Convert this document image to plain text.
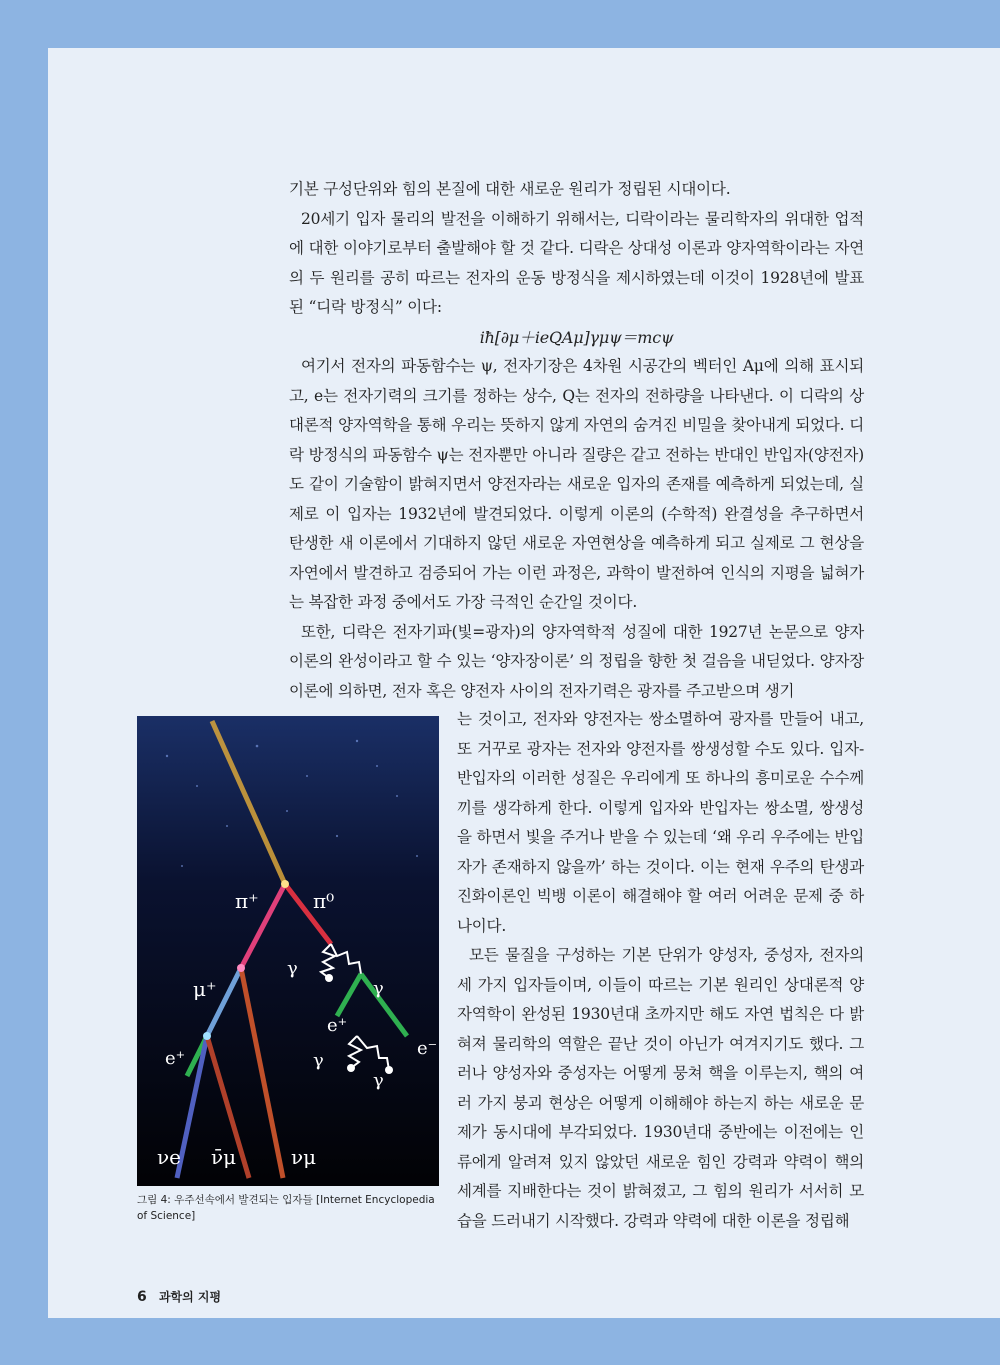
기본 구성단위와 힘의 본질에 대한 새로운 원리가 정립된 시대이다.

20세기 입자 물리의 발전을 이해하기 위해서는, 디락이라는 물리학자의 위대한 업적에 대한 이야기로부터 출발해야 할 것 같다. 디락은 상대성 이론과 양자역학이라는 자연의 두 원리를 공히 따르는 전자의 운동 방정식을 제시하였는데 이것이 1928년에 발표된 “디락 방정식” 이다:

iħ[∂μ＋ieQAμ]γμψ＝mcψ

여기서 전자의 파동함수는 ψ, 전자기장은 4차원 시공간의 벡터인 Aμ에 의해 표시되고, e는 전자기력의 크기를 정하는 상수, Q는 전자의 전하량을 나타낸다. 이 디락의 상대론적 양자역학을 통해 우리는 뜻하지 않게 자연의 숨겨진 비밀을 찾아내게 되었다. 디락 방정식의 파동함수 ψ는 전자뿐만 아니라 질량은 같고 전하는 반대인 반입자(양전자)도 같이 기술함이 밝혀지면서 양전자라는 새로운 입자의 존재를 예측하게 되었는데, 실제로 이 입자는 1932년에 발견되었다. 이렇게 이론의 (수학적) 완결성을 추구하면서 탄생한 새 이론에서 기대하지 않던 새로운 자연현상을 예측하게 되고 실제로 그 현상을 자연에서 발견하고 검증되어 가는 이런 과정은, 과학이 발전하여 인식의 지평을 넓혀가는 복잡한 과정 중에서도 가장 극적인 순간일 것이다.

또한, 디락은 전자기파(빛=광자)의 양자역학적 성질에 대한 1927년 논문으로 양자이론의 완성이라고 할 수 있는 ‘양자장이론’ 의 정립을 향한 첫 걸음을 내딛었다. 양자장이론에 의하면, 전자 혹은 양전자 사이의 전자기력은 광자를 주고받으며 생기

는 것이고, 전자와 양전자는 쌍소멸하여 광자를 만들어 내고, 또 거꾸로 광자는 전자와 양전자를 쌍생성할 수도 있다. 입자-반입자의 이러한 성질은 우리에게 또 하나의 흥미로운 수수께끼를 생각하게 한다. 이렇게 입자와 반입자는 쌍소멸, 쌍생성을 하면서 빛을 주거나 받을 수 있는데 ‘왜 우리 우주에는 반입자가 존재하지 않을까’ 하는 것이다. 이는 현재 우주의 탄생과 진화이론인 빅뱅 이론이 해결해야 할 여러 어려운 문제 중 하나이다.

모든 물질을 구성하는 기본 단위가 양성자, 중성자, 전자의 세 가지 입자들이며, 이들이 따르는 기본 원리인 상대론적 양자역학이 완성된 1930년대 초까지만 해도 자연 법칙은 다 밝혀져 물리학의 역할은 끝난 것이 아닌가 여겨지기도 했다. 그러나 양성자와 중성자는 어떻게 뭉쳐 핵을 이루는지, 핵의 여러 가지 붕괴 현상은 어떻게 이해해야 하는지 하는 새로운 문제가 동시대에 부각되었다. 1930년대 중반에는 이전에는 인류에게 알려져 있지 않았던 새로운 힘인 강력과 약력이 핵의 세계를 지배한다는 것이 밝혀졌고, 그 힘의 원리가 서서히 모습을 드러내기 시작했다. 강력과 약력에 대한 이론을 정립해

π⁺	π⁰
μ⁺
γ
γ
e⁺
e⁺	e⁻
γ
γ
νe ν̄μ	νμ
그림 4: 우주선속에서 발견되는 입자들 [Internet Encyclopedia of Science]
6 과학의 지평
